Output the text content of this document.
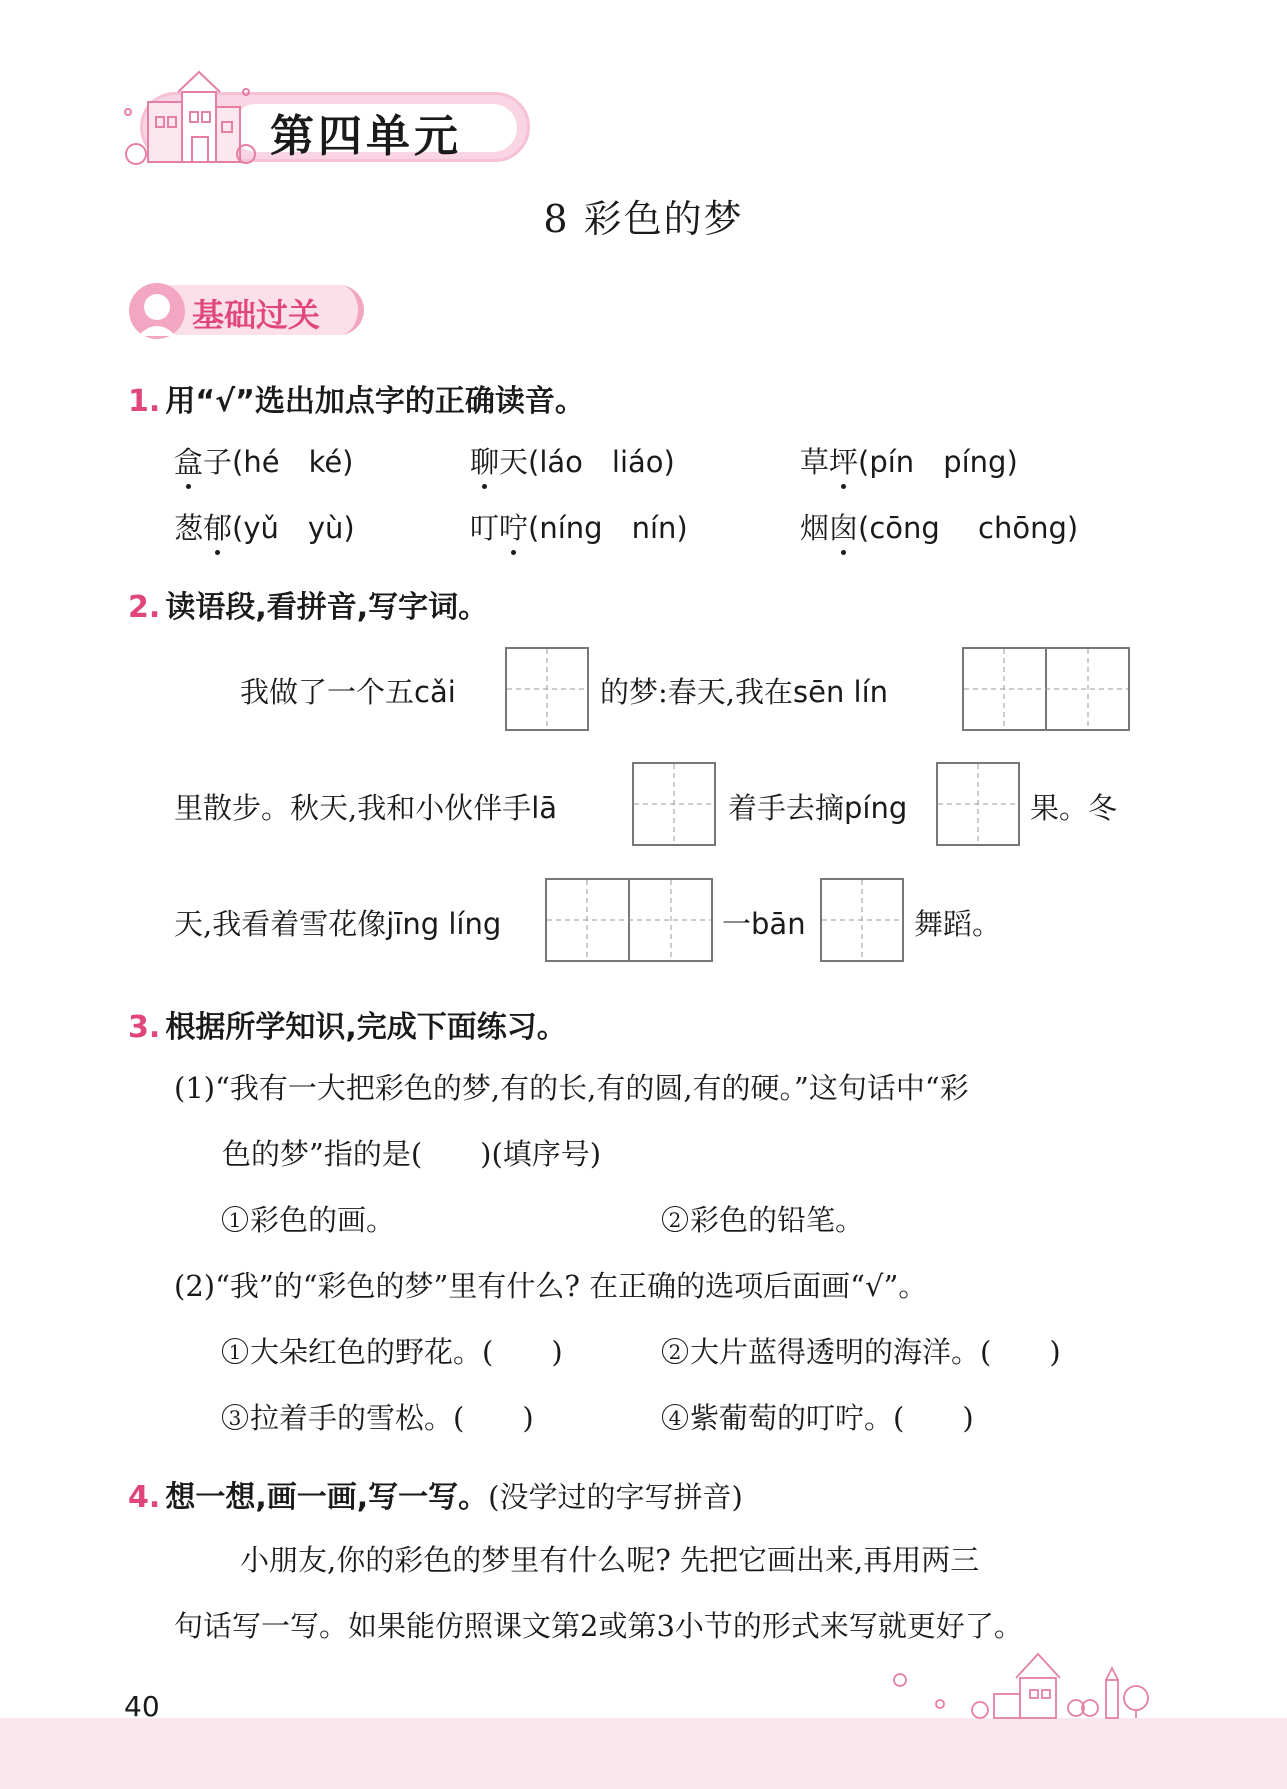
第四单元
8 彩色的梦
基础过关
1. 用“√”选出加点字的正确读音。
盒子(hé　ké)	聊天(láo　liáo)	草坪(pín　píng)
葱郁(yǔ　yù)	叮咛(níng　nín)	烟囱(cōng　 chōng)
2. 读语段,看拼音,写字词。
我做了一个五cǎi	的梦:春天,我在sēn lín
里散步。秋天,我和小伙伴手lā	着手去摘píng	果。冬
天,我看着雪花像jīng líng	一bān	舞蹈。
3. 根据所学知识,完成下面练习。
(1)“我有一大把彩色的梦,有的长,有的圆,有的硬。”这句话中“彩
色的梦”指的是(　　)(填序号)
1 彩色的画。	2 彩色的铅笔。
(2)“我”的“彩色的梦”里有什么? 在正确的选项后面画“√”。
1 大朵红色的野花。(　　)	2 大片蓝得透明的海洋。(　　)
3 拉着手的雪松。(　　)	4 紫葡萄的叮咛。(　　)
4. 想一想,画一画,写一写。(没学过的字写拼音)
小朋友,你的彩色的梦里有什么呢? 先把它画出来,再用两三
句话写一写。如果能仿照课文第2或第3小节的形式来写就更好了。
40
